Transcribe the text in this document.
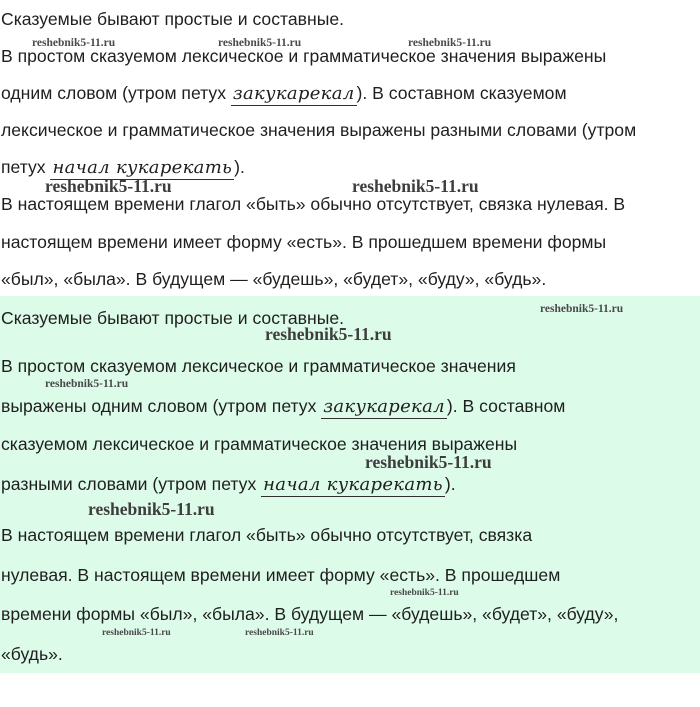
Сказуемые бывают простые и составные.
В простом сказуемом лексическое и грамматическое значения выражены
одним словом (утром петух закукарекал ). В составном сказуемом
лексическое и грамматическое значения выражены разными словами (утром
петух начал кукарекать ).
В настоящем времени глагол «быть» обычно отсутствует, связка нулевая. В
настоящем времени имеет форму «есть». В прошедшем времени формы
«был», «была». В будущем — «будешь», «будет», «буду», «будь».
reshebnik5-11.ru	reshebnik5-11.ru	reshebnik5-11.ru
reshebnik5-11.ru	reshebnik5-11.ru
Сказуемые бывают простые и составные.
В простом сказуемом лексическое и грамматическое значения
выражены одним словом (утром петух закукарекал ). В составном
сказуемом лексическое и грамматическое значения выражены
разными словами (утром петух начал кукарекать ).
В настоящем времени глагол «быть» обычно отсутствует, связка
нулевая. В настоящем времени имеет форму «есть». В прошедшем
времени формы «был», «была». В будущем — «будешь», «будет», «буду»,
«будь».
reshebnik5-11.ru
reshebnik5-11.ru
reshebnik5-11.ru
reshebnik5-11.ru
reshebnik5-11.ru
reshebnik5-11.ru
reshebnik5-11.ru	reshebnik5-11.ru
